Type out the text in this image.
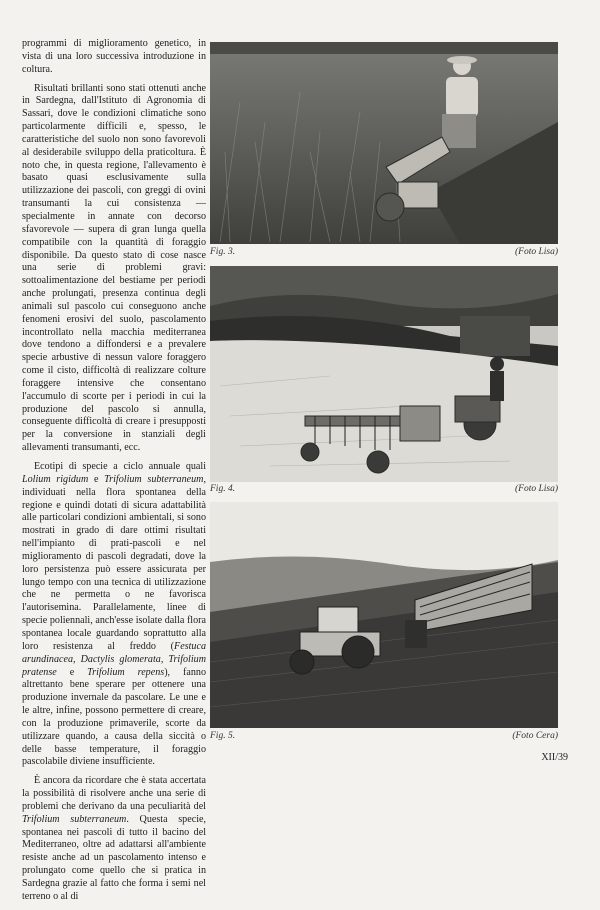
programmi di miglioramento genetico, in vista di una loro successiva introduzione in coltura.

Risultati brillanti sono stati ottenuti anche in Sardegna, dall'Istituto di Agronomia di Sassari, dove le condizioni climatiche sono particolarmente difficili e, spesso, le caratteristiche del suolo non sono favorevoli al desiderabile sviluppo della praticoltura. È noto che, in questa regione, l'allevamento è basato quasi esclusivamente sulla utilizzazione dei pascoli, con greggi di ovini transumanti la cui consistenza — specialmente in annate con decorso sfavorevole — supera di gran lunga quella compatibile con la quantità di foraggio disponibile. Da questo stato di cose nasce una serie di problemi gravi: sottoalimentazione del bestiame per periodi anche prolungati, presenza continua degli animali sul pascolo cui conseguono anche fenomeni erosivi del suolo, pascolamento incontrollato nella macchia mediterranea dove tendono a diffondersi e a prevalere specie arbustive di nessun valore foraggero come il cisto, difficoltà di realizzare colture foraggere intensive che consentano l'accumulo di scorte per i periodi in cui la produzione del pascolo si annulla, conseguente difficoltà di creare i presupposti per la conversione in stanziali degli allevamenti transumanti, ecc.

Ecotipi di specie a ciclo annuale quali Lolium rigidum e Trifolium subterraneum, individuati nella flora spontanea della regione e quindi dotati di sicura adattabilità alle particolari condizioni ambientali, si sono mostrati in grado di dare ottimi risultati nell'impianto di prati-pascoli e nel miglioramento di pascoli degradati, dove la loro persistenza può essere assicurata per lungo tempo con una tecnica di utilizzazione che ne permetta o ne favorisca l'autorisemina. Parallelamente, linee di specie poliennali, anch'esse isolate dalla flora spontanea locale guardando soprattutto alla loro resistenza al freddo (Festuca arundinacea, Dactylis glomerata, Trifolium pratense e Trifolium repens), fanno altrettanto bene sperare per ottenere una produzione invernale da pascolare. Le une e le altre, infine, possono permettere di creare, con la produzione primaverile, scorte da utilizzare quando, a causa della siccità o delle basse temperature, il foraggio pascolabile diviene insufficiente.

È ancora da ricordare che è stata accertata la possibilità di risolvere anche una serie di problemi che derivano da una peculiarità del Trifolium subterraneum. Questa specie, spontanea nei pascoli di tutto il bacino del Mediterraneo, oltre ad adattarsi all'ambiente resiste anche ad un pascolamento intenso e prolungato come quello che si pratica in Sardegna grazie al fatto che forma i semi nel terreno o al di

Fig. 3.	(Foto Lisa)
Fig. 4.	(Foto Lisa)
Fig. 5.	(Foto Cera)
XII/39
